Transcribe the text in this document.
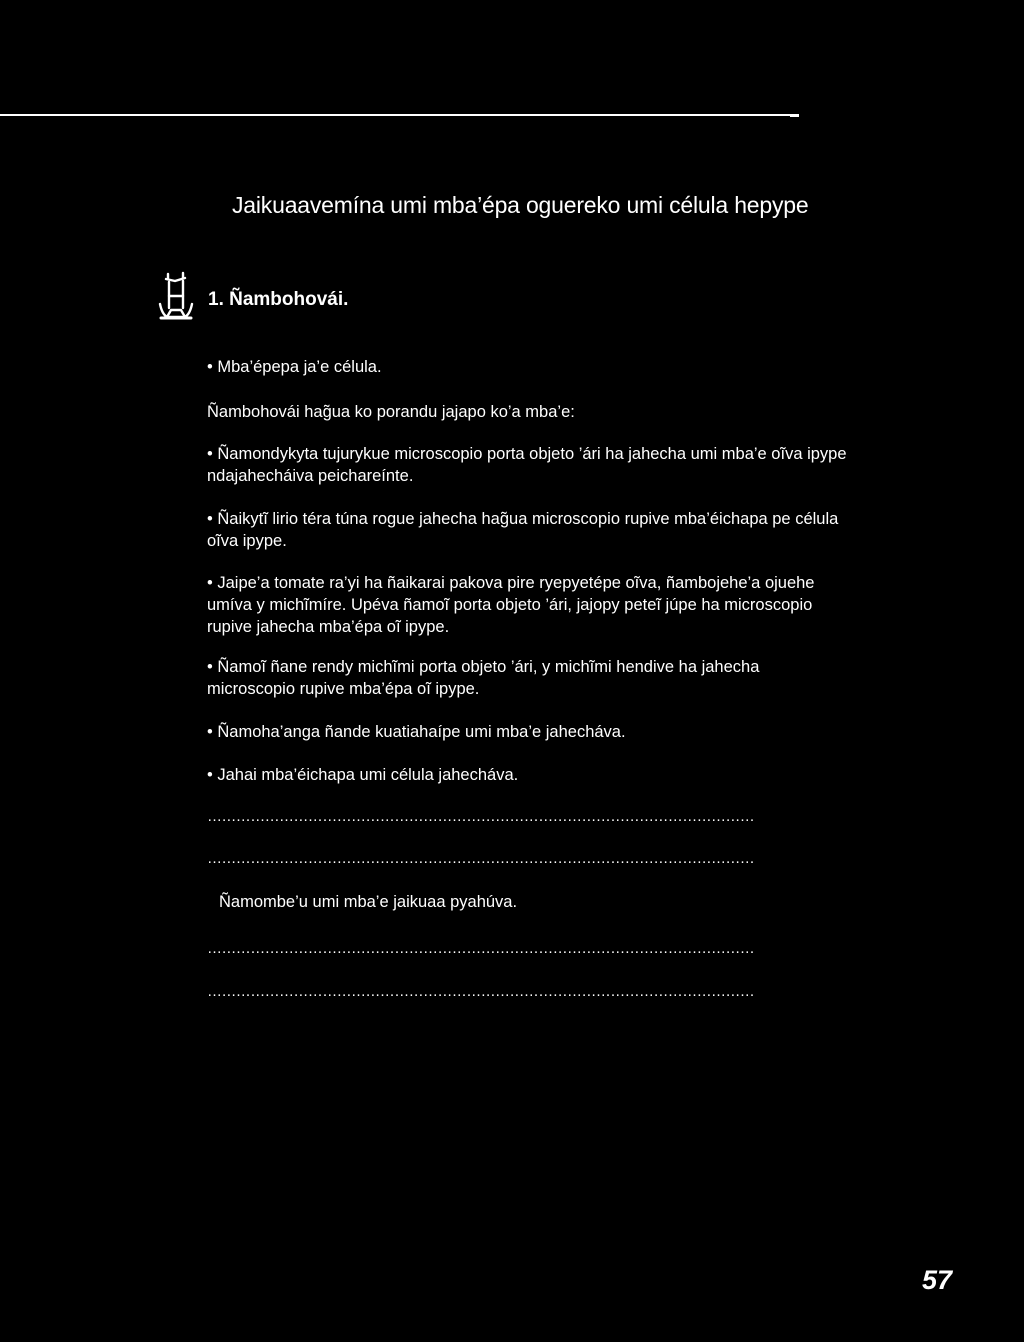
Jaikuaavemína umi mba’épa oguereko umi célula hepype
1. Ñambohovái.

• Mba’épepa ja’e célula.

Ñambohovái hag̃ua ko porandu jajapo ko’a mba’e:

• Ñamondykyta tujurykue microscopio porta objeto ’ári ha jahecha umi mba’e oĩva ipype ndajahecháiva peichareínte.

• Ñaikytĩ lirio téra túna rogue jahecha hag̃ua microscopio rupive mba’éichapa pe célula oĩva ipype.

• Jaipe’a tomate ra’yi ha ñaikarai pakova pire ryepyetépe oĩva, ñambojehe’a ojuehe umíva y michĩmíre. Upéva ñamoĩ porta objeto ’ári, jajopy peteĩ júpe ha microscopio rupive jahecha mba’épa oĩ ipype.

• Ñamoĩ ñane rendy michĩmi porta objeto ’ári, y michĩmi hendive ha jahecha microscopio rupive mba’épa oĩ ipype.

• Ñamoha’anga ñande kuatiahaípe umi mba’e jahecháva.

• Jahai mba’éichapa umi célula jahecháva.

……………………………………………………………………………………………………
……………………………………………………………………………………………………

Ñamombe’u umi mba’e jaikuaa pyahúva.

……………………………………………………………………………………………………
……………………………………………………………………………………………………
57
